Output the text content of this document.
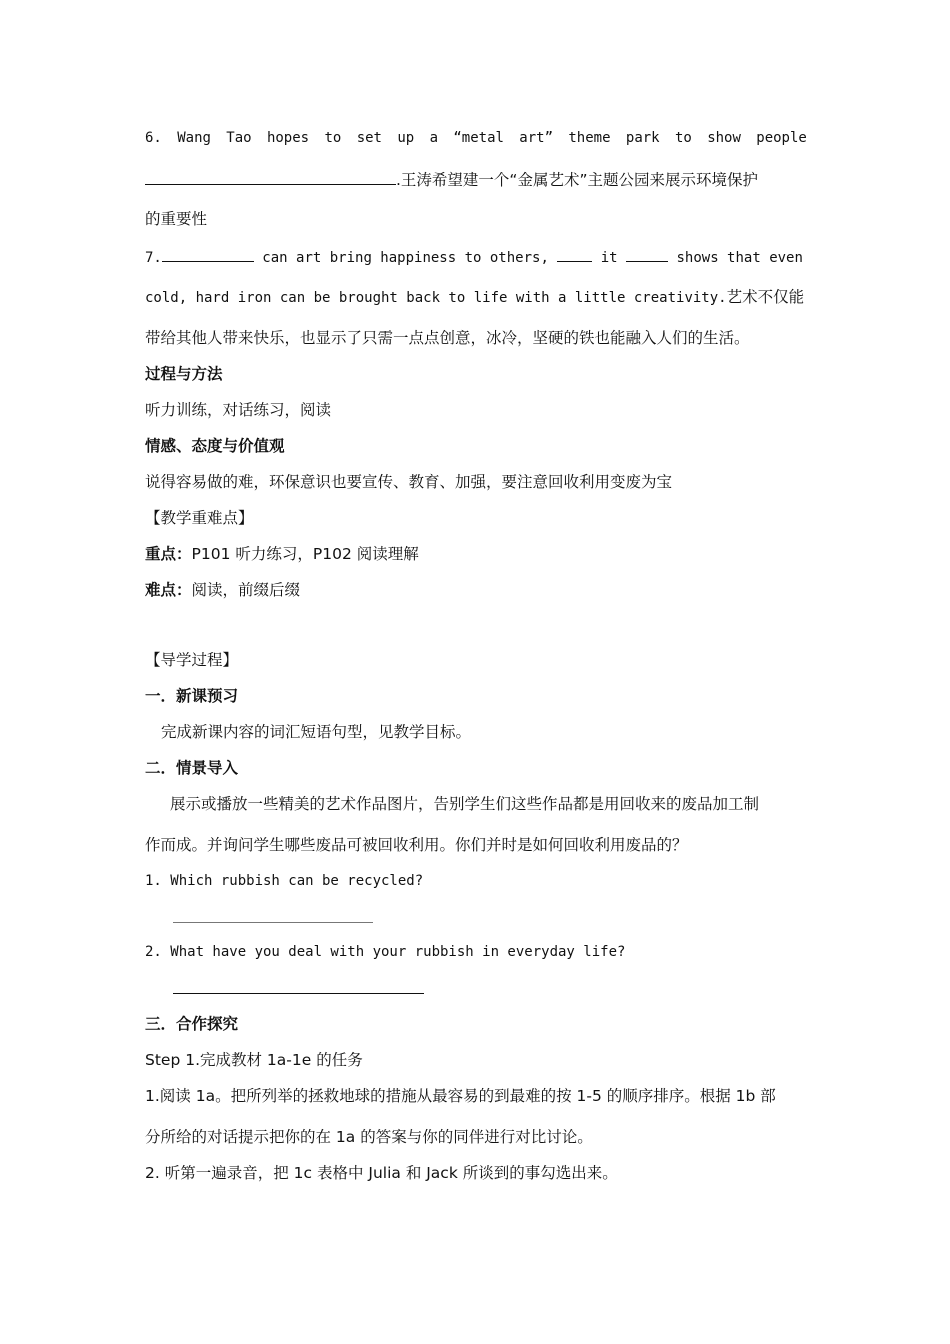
6. Wang Tao hopes to set up a “metal art” theme park to show people
.王涛希望建一个“金属艺术”主题公园来展示环境保护
的重要性
7.	can art bring happiness to others,	it	shows that even
cold, hard iron can be brought back to life with a little creativity.艺术不仅能
带给其他人带来快乐，也显示了只需一点点创意，冰冷，坚硬的铁也能融入人们的生活。
过程与方法
听力训练，对话练习，阅读
情感、态度与价值观
说得容易做的难，环保意识也要宣传、教育、加强，要注意回收利用变废为宝
【教学重难点】
重点：P101 听力练习，P102 阅读理解
难点：阅读，前缀后缀
【导学过程】
一．新课预习
完成新课内容的词汇短语句型，见教学目标。
二．情景导入
展示或播放一些精美的艺术作品图片，告别学生们这些作品都是用回收来的废品加工制
作而成。并询问学生哪些废品可被回收利用。你们并时是如何回收利用废品的？
1. Which rubbish can be recycled?
2. What have you deal with your rubbish in everyday life?
三．合作探究
Step 1.完成教材 1a-1e 的任务
1.阅读 1a。把所列举的拯救地球的措施从最容易的到最难的按 1-5 的顺序排序。根据 1b 部
分所给的对话提示把你的在 1a 的答案与你的同伴进行对比讨论。
2. 听第一遍录音，把 1c 表格中 Julia 和 Jack 所谈到的事勾选出来。
